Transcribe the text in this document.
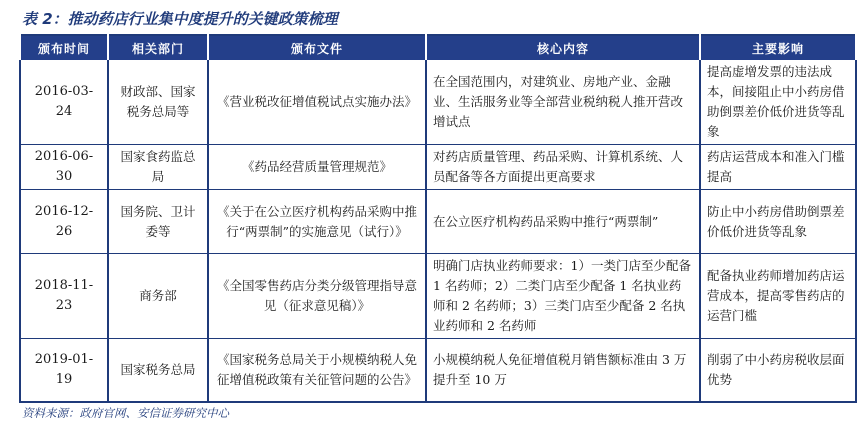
表 2：推动药店行业集中度提升的关键政策梳理
颁布时间	相关部门	颁布文件	核心内容	主要影响
2016-03-24	财政部、国家税务总局等	《营业税改征增值税试点实施办法》	在全国范围内，对建筑业、房地产业、金融业、生活服务业等全部营业税纳税人推开营改增试点	提高虚增发票的违法成本，间接阻止中小药房借助倒票差价低价进货等乱象
2016-06-30	国家食药监总局	《药品经营质量管理规范》	对药店质量管理、药品采购、计算机系统、人员配备等各方面提出更高要求	药店运营成本和准入门槛提高
2016-12-26	国务院、卫计委等	《关于在公立医疗机构药品采购中推行“两票制”的实施意见（试行）》	在公立医疗机构药品采购中推行“两票制”	防止中小药房借助倒票差价低价进货等乱象
2018-11-23	商务部	《全国零售药店分类分级管理指导意见（征求意见稿）》	明确门店执业药师要求：1）一类门店至少配备 1 名药师；2）二类门店至少配备 1 名执业药师和 2 名药师；3）三类门店至少配备 2 名执业药师和 2 名药师	配备执业药师增加药店运营成本，提高零售药店的运营门槛
2019-01-19	国家税务总局	《国家税务总局关于小规模纳税人免征增值税政策有关征管问题的公告》	小规模纳税人免征增值税月销售额标准由 3 万提升至 10 万	削弱了中小药房税收层面优势
资料来源：政府官网、安信证券研究中心
